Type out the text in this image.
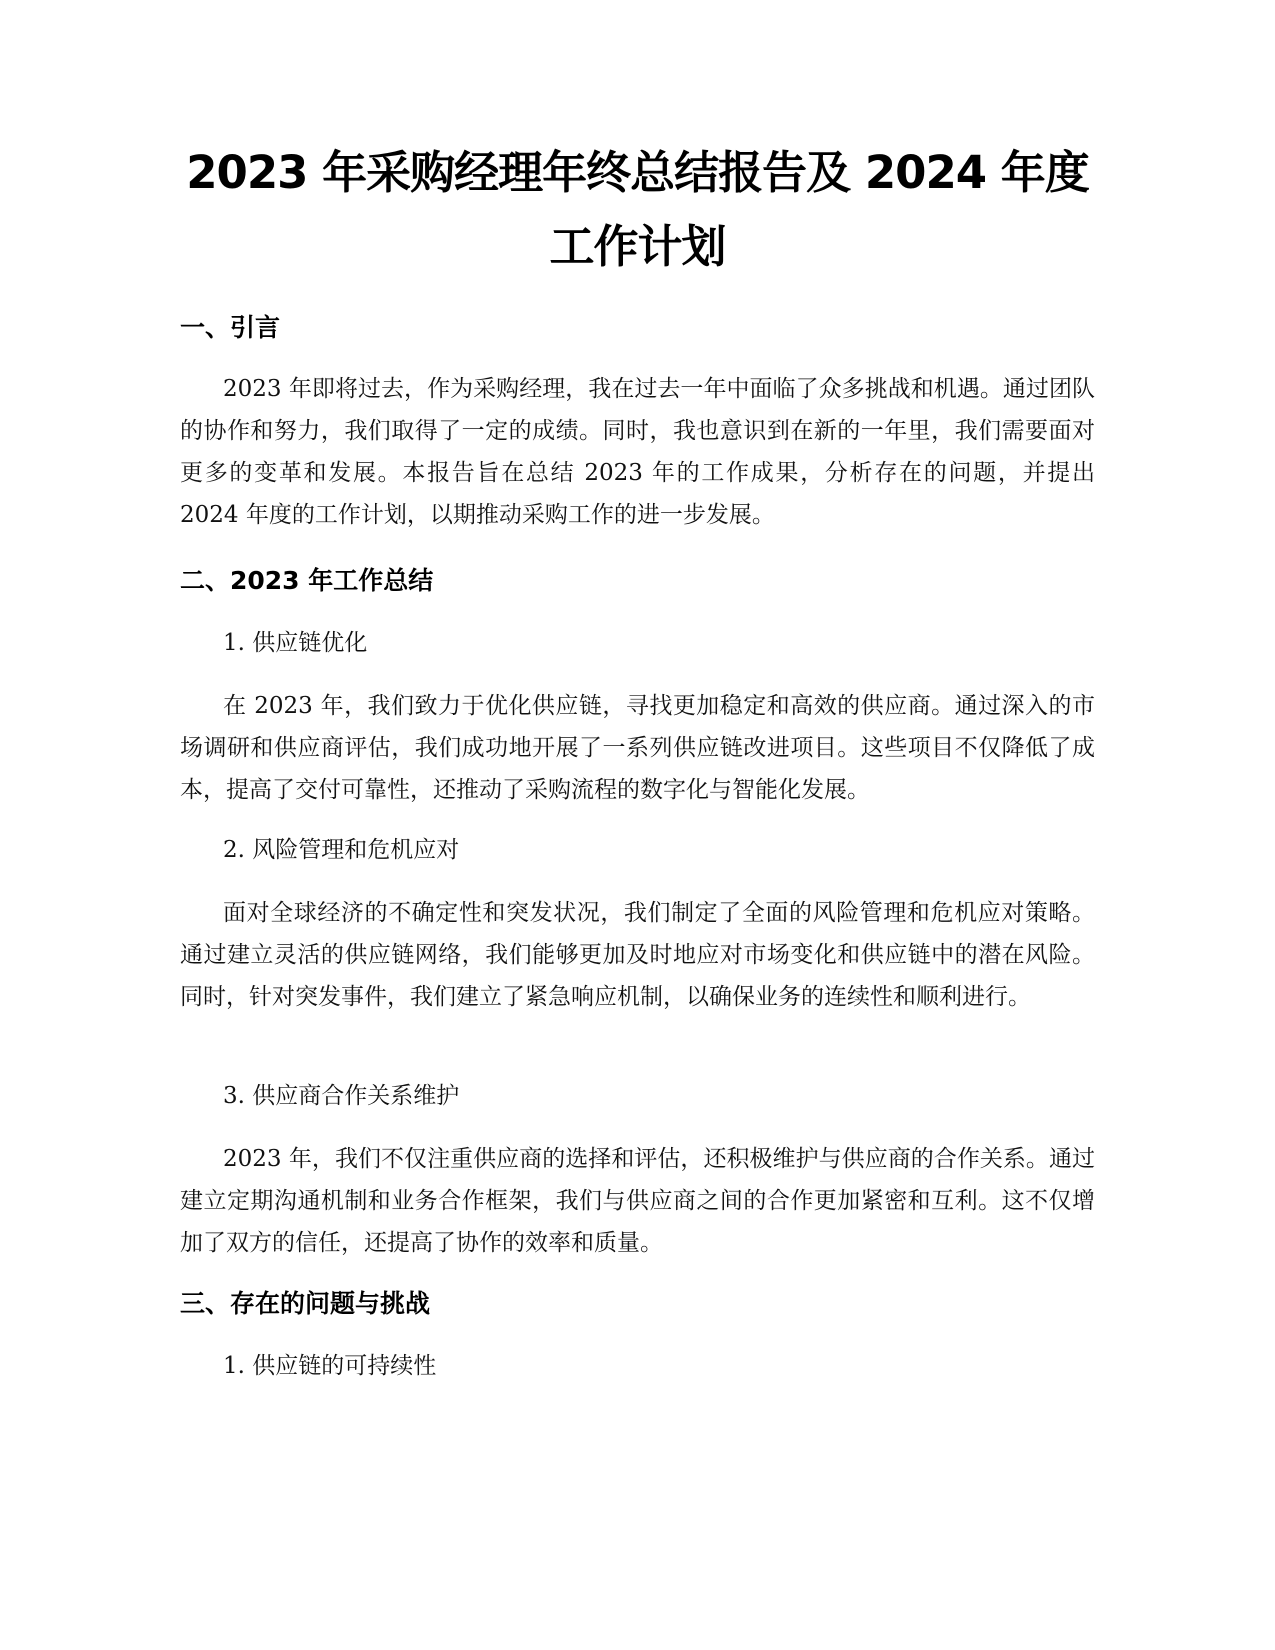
2023 年采购经理年终总结报告及 2024 年度工作计划
一、引言

2023 年即将过去，作为采购经理，我在过去一年中面临了众多挑战和机遇。通过团队的协作和努力，我们取得了一定的成绩。同时，我也意识到在新的一年里，我们需要面对更多的变革和发展。本报告旨在总结 2023 年的工作成果，分析存在的问题，并提出 2024 年度的工作计划，以期推动采购工作的进一步发展。

二、2023 年工作总结
1. 供应链优化

在 2023 年，我们致力于优化供应链，寻找更加稳定和高效的供应商。通过深入的市场调研和供应商评估，我们成功地开展了一系列供应链改进项目。这些项目不仅降低了成本，提高了交付可靠性，还推动了采购流程的数字化与智能化发展。

2. 风险管理和危机应对

面对全球经济的不确定性和突发状况，我们制定了全面的风险管理和危机应对策略。通过建立灵活的供应链网络，我们能够更加及时地应对市场变化和供应链中的潜在风险。同时，针对突发事件，我们建立了紧急响应机制，以确保业务的连续性和顺利进行。

3. 供应商合作关系维护

2023 年，我们不仅注重供应商的选择和评估，还积极维护与供应商的合作关系。通过建立定期沟通机制和业务合作框架，我们与供应商之间的合作更加紧密和互利。这不仅增加了双方的信任，还提高了协作的效率和质量。

三、存在的问题与挑战
1. 供应链的可持续性
